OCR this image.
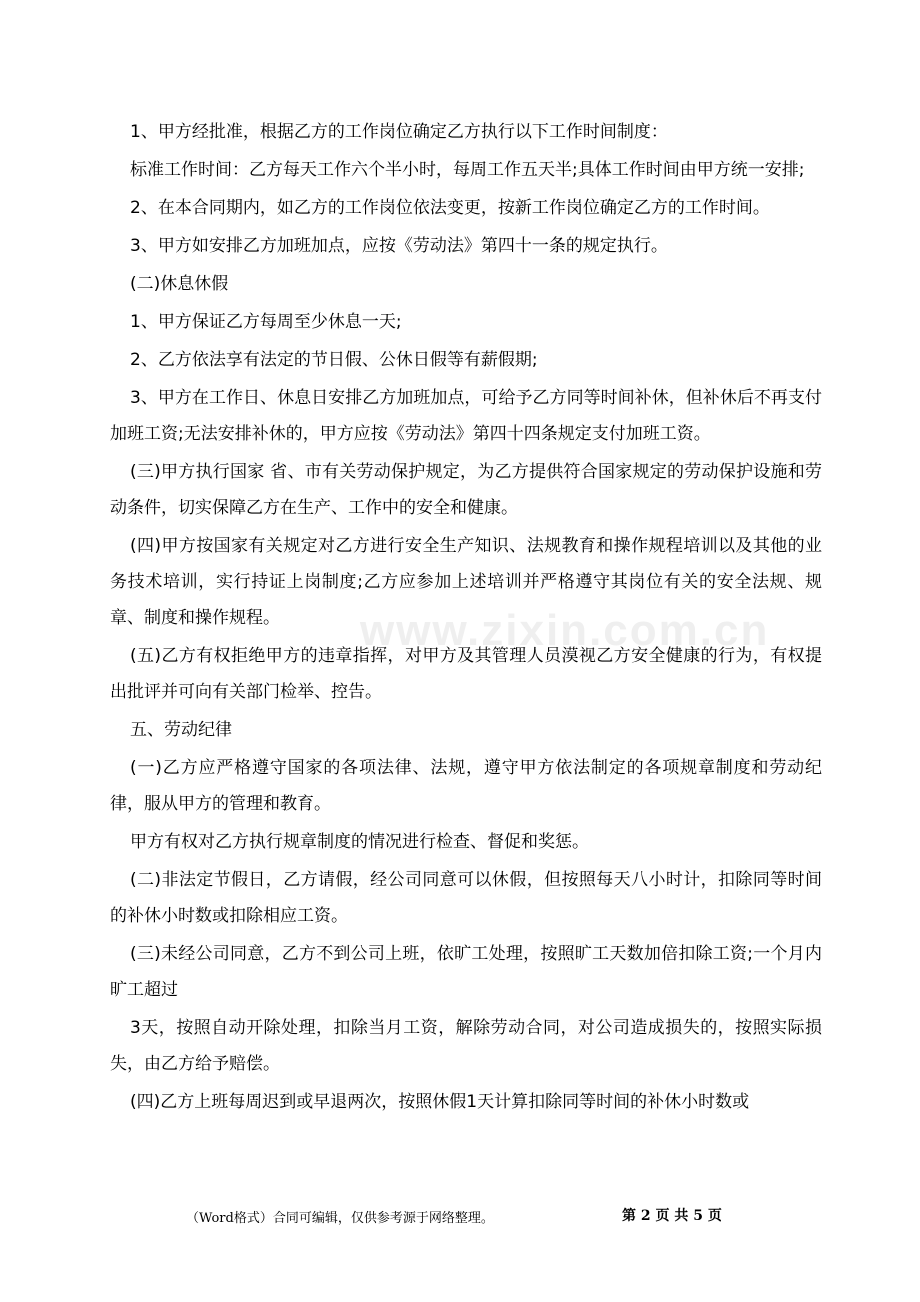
www.zixin.com.cn

1、甲方经批准，根据乙方的工作岗位确定乙方执行以下工作时间制度：

标准工作时间：乙方每天工作六个半小时，每周工作五天半;具体工作时间由甲方统一安排;

2、在本合同期内，如乙方的工作岗位依法变更，按新工作岗位确定乙方的工作时间。

3、甲方如安排乙方加班加点，应按《劳动法》第四十一条的规定执行。

(二)休息休假

1、甲方保证乙方每周至少休息一天;

2、乙方依法享有法定的节日假、公休日假等有薪假期;

3、甲方在工作日、休息日安排乙方加班加点，可给予乙方同等时间补休，但补休后不再支付加班工资;无法安排补休的，甲方应按《劳动法》第四十四条规定支付加班工资。

(三)甲方执行国家 省、市有关劳动保护规定，为乙方提供符合国家规定的劳动保护设施和劳动条件，切实保障乙方在生产、工作中的安全和健康。

(四)甲方按国家有关规定对乙方进行安全生产知识、法规教育和操作规程培训以及其他的业务技术培训，实行持证上岗制度;乙方应参加上述培训并严格遵守其岗位有关的安全法规、规章、制度和操作规程。

(五)乙方有权拒绝甲方的违章指挥，对甲方及其管理人员漠视乙方安全健康的行为，有权提出批评并可向有关部门检举、控告。

五、劳动纪律

(一)乙方应严格遵守国家的各项法律、法规，遵守甲方依法制定的各项规章制度和劳动纪律，服从甲方的管理和教育。

甲方有权对乙方执行规章制度的情况进行检查、督促和奖惩。

(二)非法定节假日，乙方请假，经公司同意可以休假，但按照每天八小时计，扣除同等时间的补休小时数或扣除相应工资。

(三)未经公司同意，乙方不到公司上班，依旷工处理，按照旷工天数加倍扣除工资;一个月内旷工超过

3天，按照自动开除处理，扣除当月工资，解除劳动合同，对公司造成损失的，按照实际损失，由乙方给予赔偿。

(四)乙方上班每周迟到或早退两次，按照休假1天计算扣除同等时间的补休小时数或

（Word格式）合同可编辑，仅供参考源于网络整理。	第 2 页 共 5 页
